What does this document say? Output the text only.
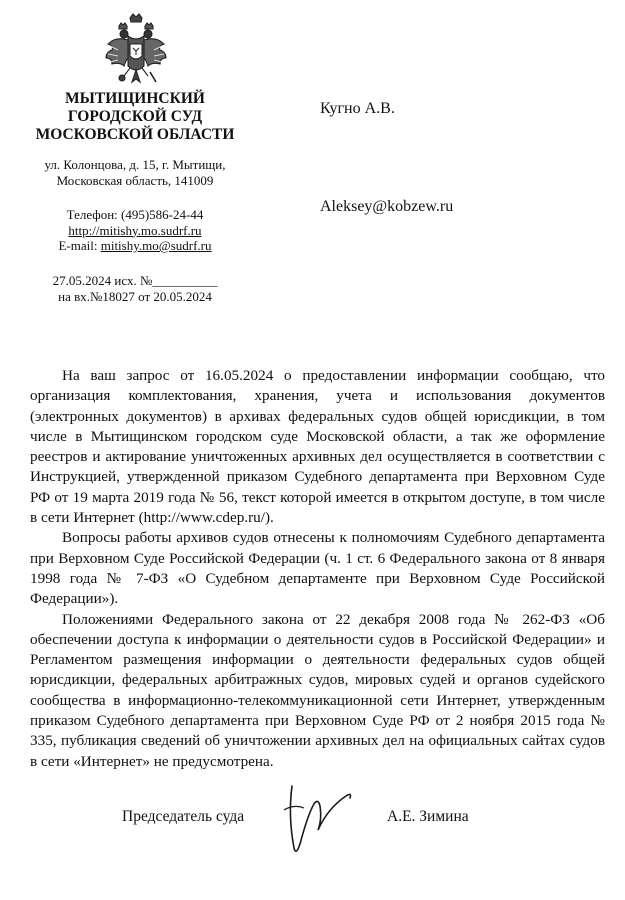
МЫТИЩИНСКИЙ
ГОРОДСКОЙ СУД
МОСКОВСКОЙ ОБЛАСТИ
ул. Колонцова, д. 15, г. Мытищи,
Московская область, 141009
Телефон: (495)586-24-44
http://mitishy.mo.sudrf.ru
E-mail: mitishy.mo@sudrf.ru
27.05.2024 исх. №__________
на вх.№18027 от 20.05.2024
Кугно А.В.
Aleksey@kobzew.ru

На ваш запрос от 16.05.2024 о предоставлении информации сообщаю, что организация комплектования, хранения, учета и использования документов (электронных документов) в архивах федеральных судов общей юрисдикции, в том числе в Мытищинском городском суде Московской области, а так же оформление реестров и актирование уничтоженных архивных дел осуществляется в соответствии с Инструкцией, утвержденной приказом Судебного департамента при Верховном Суде РФ от 19 марта 2019 года № 56, текст которой имеется в открытом доступе, в том числе в сети Интернет (http://www.cdep.ru/).

Вопросы работы архивов судов отнесены к полномочиям Судебного департамента при Верховном Суде Российской Федерации (ч. 1 ст. 6 Федерального закона от 8 января 1998 года № 7-ФЗ «О Судебном департаменте при Верховном Суде Российской Федерации»).

Положениями Федерального закона от 22 декабря 2008 года № 262-ФЗ «Об обеспечении доступа к информации о деятельности судов в Российской Федерации» и Регламентом размещения информации о деятельности федеральных судов общей юрисдикции, федеральных арбитражных судов, мировых судей и органов судейского сообщества в информационно-телекоммуникационной сети Интернет, утвержденным приказом Судебного департамента при Верховном Суде РФ от 2 ноября 2015 года № 335, публикация сведений об уничтожении архивных дел на официальных сайтах судов в сети «Интернет» не предусмотрена.

Председатель суда	А.Е. Зимина
